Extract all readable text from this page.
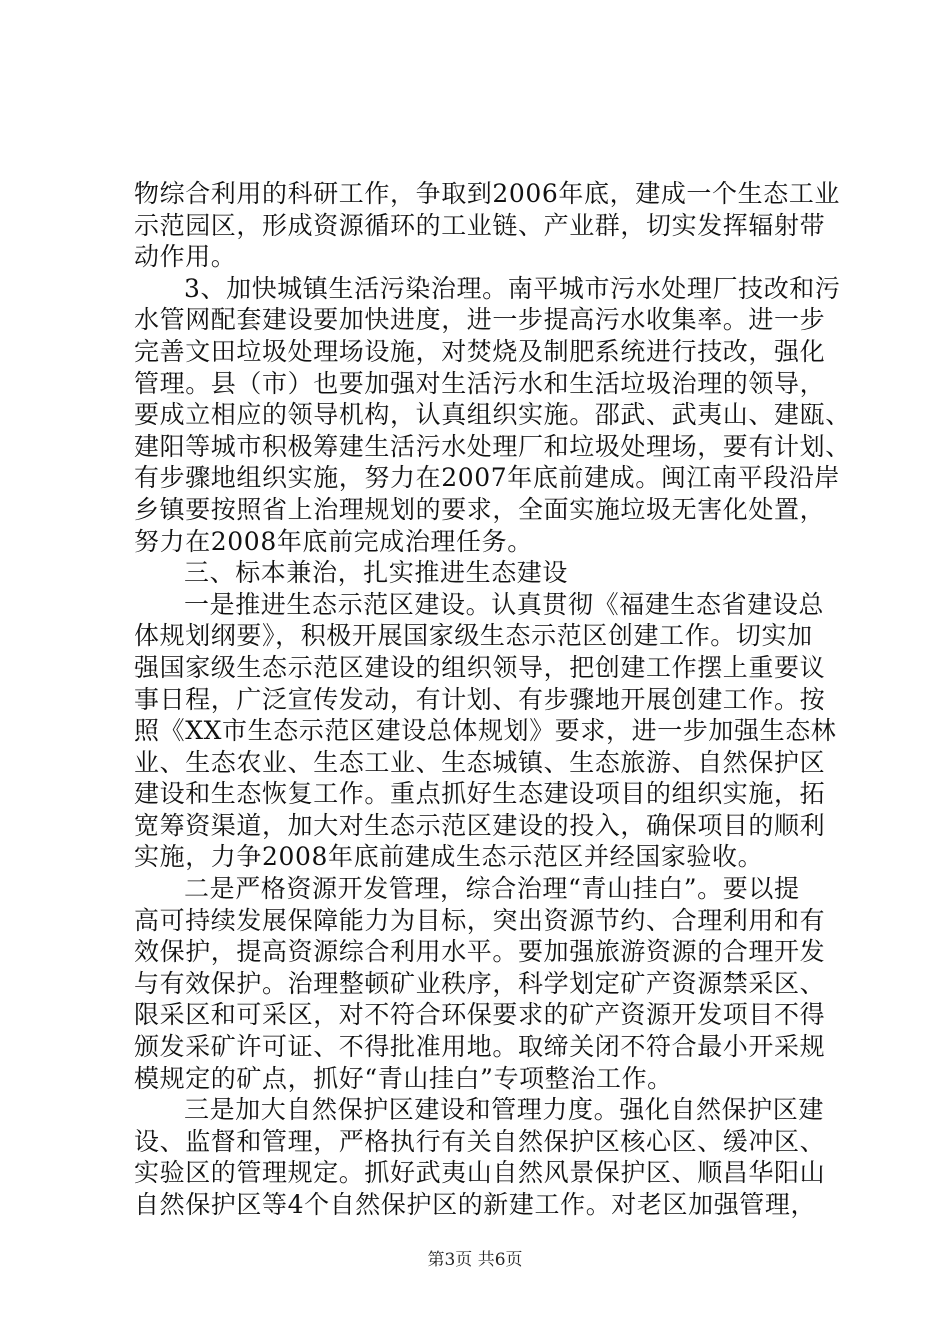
物综合利用的科研工作，争取到2006年底，建成一个生态工业
示范园区，形成资源循环的工业链、产业群，切实发挥辐射带
动作用。
3、加快城镇生活污染治理。南平城市污水处理厂技改和污
水管网配套建设要加快进度，进一步提高污水收集率。进一步
完善文田垃圾处理场设施，对焚烧及制肥系统进行技改，强化
管理。县（市）也要加强对生活污水和生活垃圾治理的领导，
要成立相应的领导机构，认真组织实施。邵武、武夷山、建瓯、
建阳等城市积极筹建生活污水处理厂和垃圾处理场，要有计划、
有步骤地组织实施，努力在2007年底前建成。闽江南平段沿岸
乡镇要按照省上治理规划的要求，全面实施垃圾无害化处置，
努力在2008年底前完成治理任务。
三、标本兼治，扎实推进生态建设
一是推进生态示范区建设。认真贯彻《福建生态省建设总
体规划纲要》，积极开展国家级生态示范区创建工作。切实加
强国家级生态示范区建设的组织领导，把创建工作摆上重要议
事日程，广泛宣传发动，有计划、有步骤地开展创建工作。按
照《XX市生态示范区建设总体规划》要求，进一步加强生态林
业、生态农业、生态工业、生态城镇、生态旅游、自然保护区
建设和生态恢复工作。重点抓好生态建设项目的组织实施，拓
宽筹资渠道，加大对生态示范区建设的投入，确保项目的顺利
实施，力争2008年底前建成生态示范区并经国家验收。
二是严格资源开发管理，综合治理“青山挂白”。要以提
高可持续发展保障能力为目标，突出资源节约、合理利用和有
效保护，提高资源综合利用水平。要加强旅游资源的合理开发
与有效保护。治理整顿矿业秩序，科学划定矿产资源禁采区、
限采区和可采区，对不符合环保要求的矿产资源开发项目不得
颁发采矿许可证、不得批准用地。取缔关闭不符合最小开采规
模规定的矿点，抓好“青山挂白”专项整治工作。
三是加大自然保护区建设和管理力度。强化自然保护区建
设、监督和管理，严格执行有关自然保护区核心区、缓冲区、
实验区的管理规定。抓好武夷山自然风景保护区、顺昌华阳山
自然保护区等4个自然保护区的新建工作。对老区加强管理，
第3页 共6页
